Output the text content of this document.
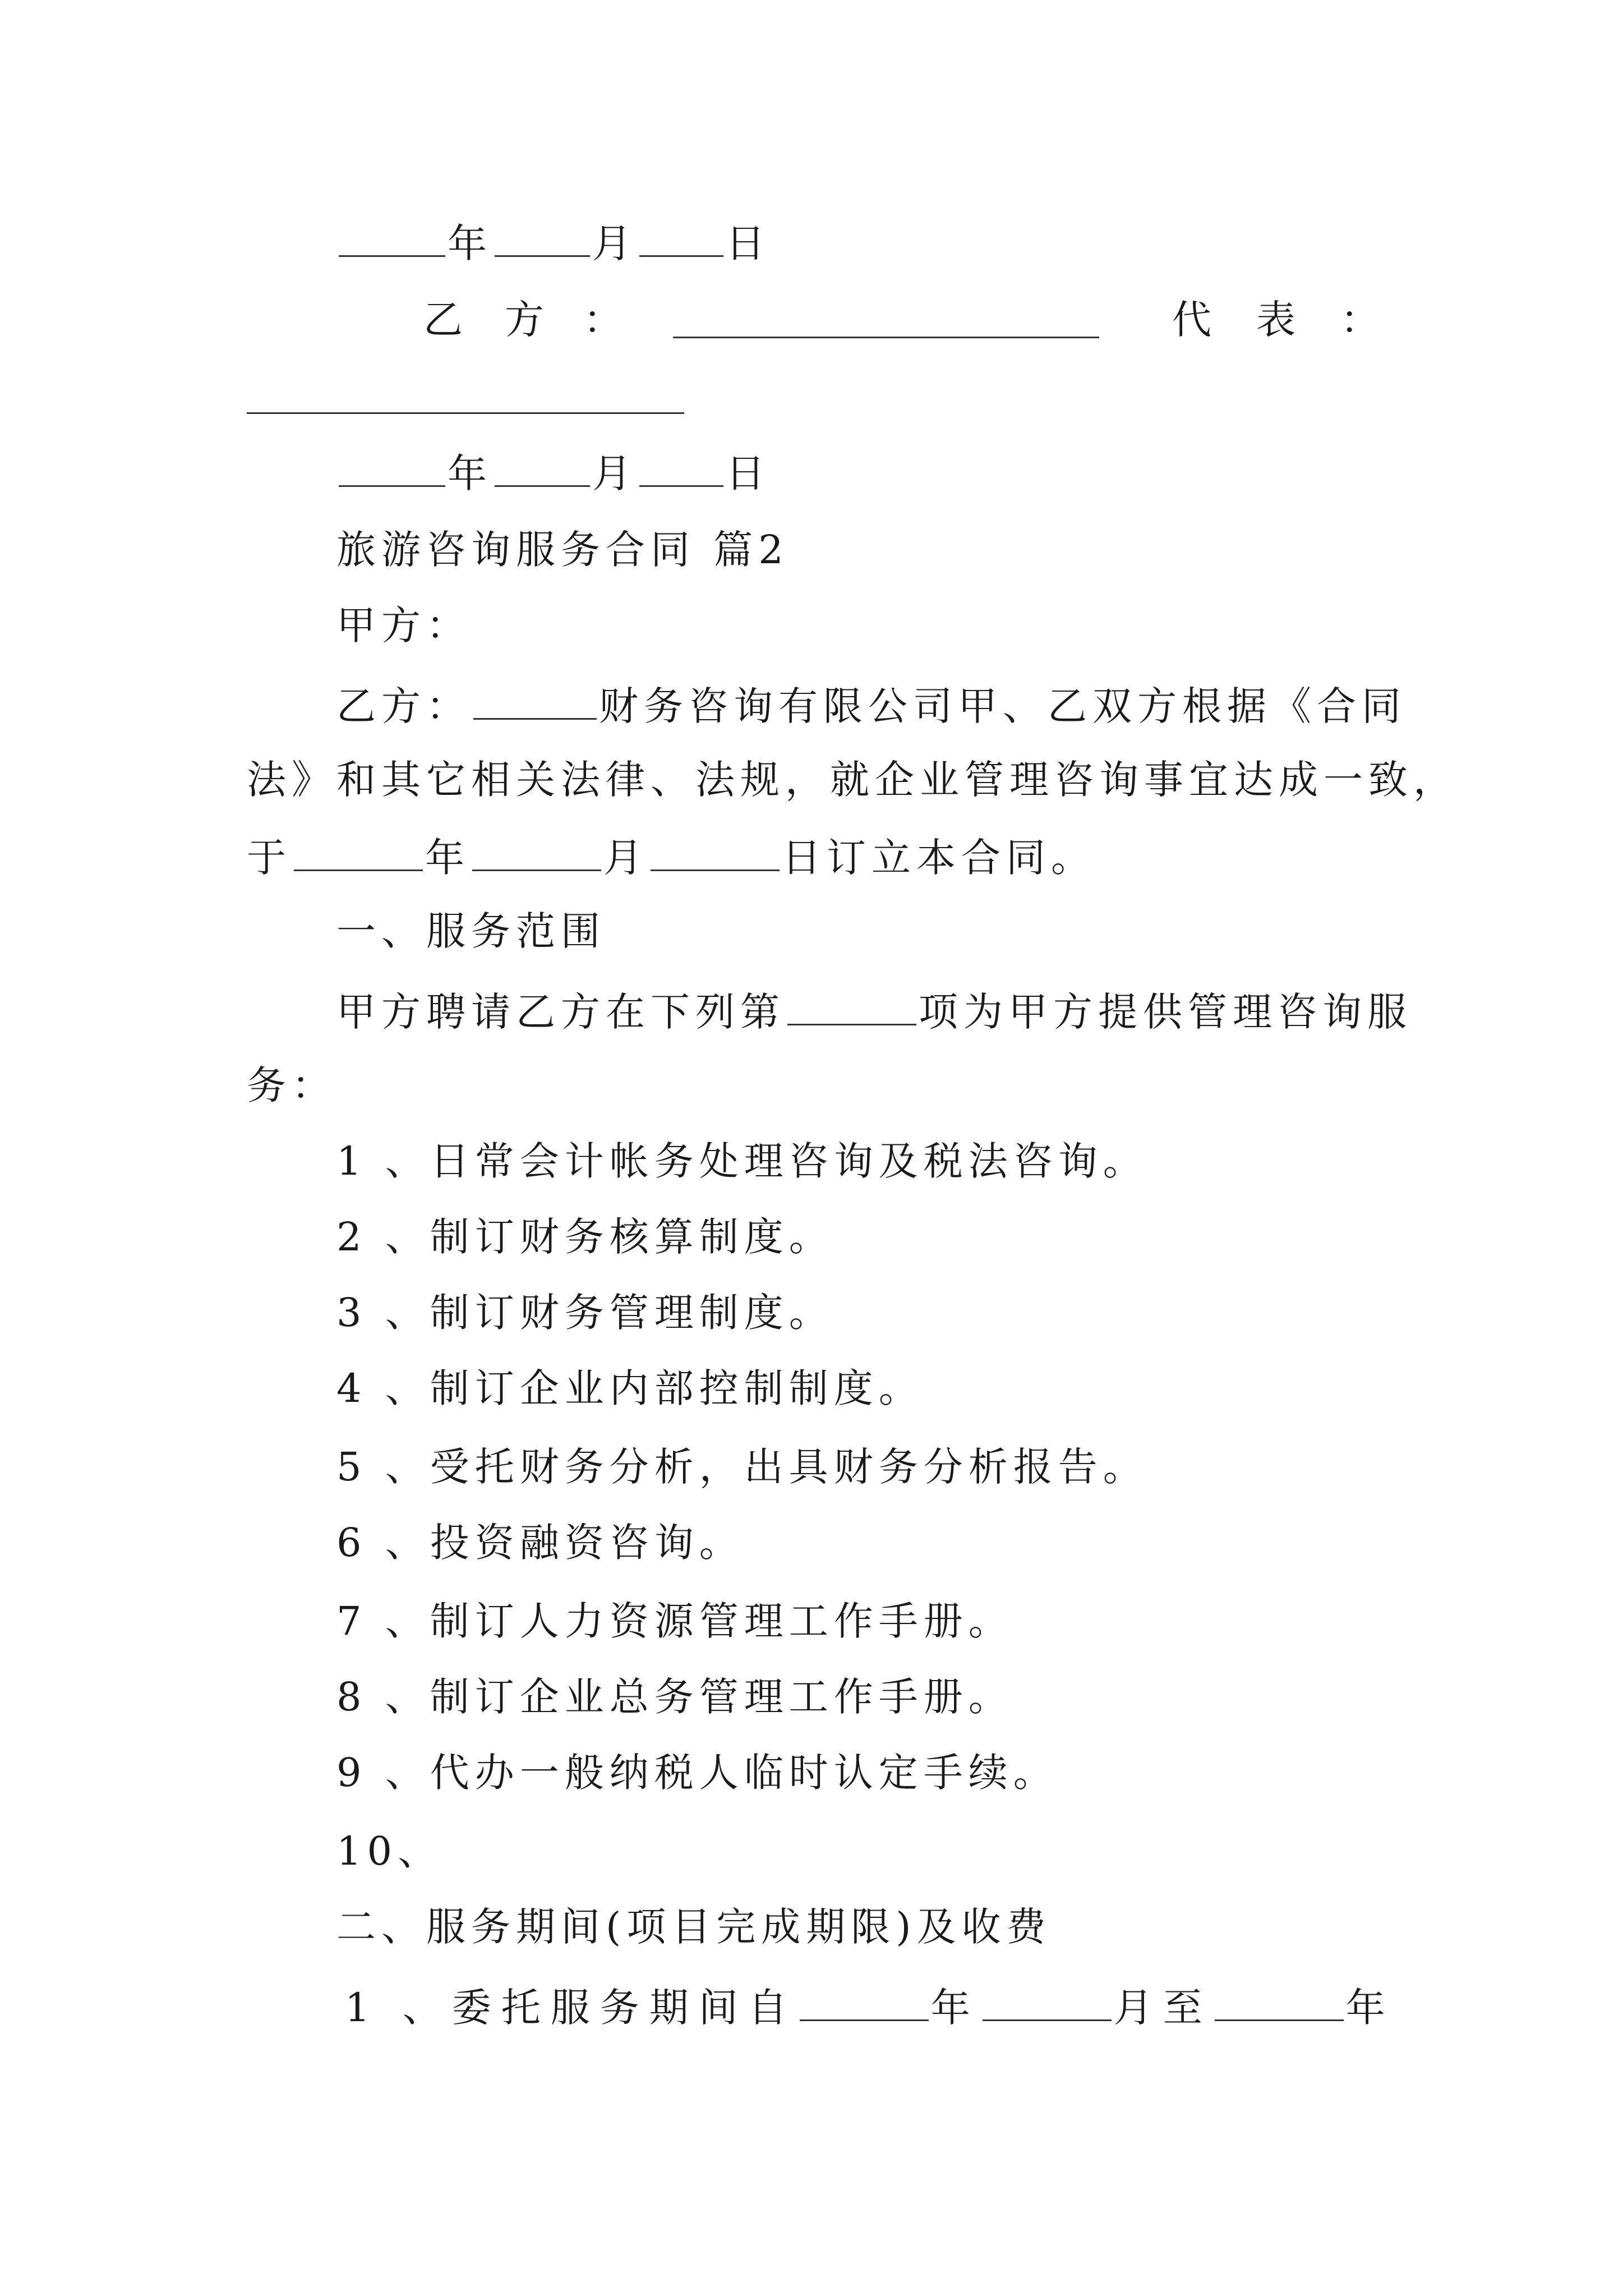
年	月 日
乙 方 ：	代 表 ：
年	月 日
旅游咨询服务合同 篇2
甲方：
乙方：	财务咨询有限公司甲、乙双方根据《合同
法》和其它相关法律、法规，就企业管理咨询事宜达成一致，
于	年	月	日订立本合同。
一、服务范围
甲方聘请乙方在下列第	项为甲方提供管理咨询服
务：
1 、日常会计帐务处理咨询及税法咨询。
2 、制订财务核算制度。
3 、制订财务管理制度。
4 、制订企业内部控制制度。
5 、受托财务分析，出具财务分析报告。
6 、投资融资咨询。
7 、制订人力资源管理工作手册。
8 、制订企业总务管理工作手册。
9 、代办一般纳税人临时认定手续。
10、
二、服务期间(项目完成期限)及收费
1 、委托服务期间自	年	月至	年
